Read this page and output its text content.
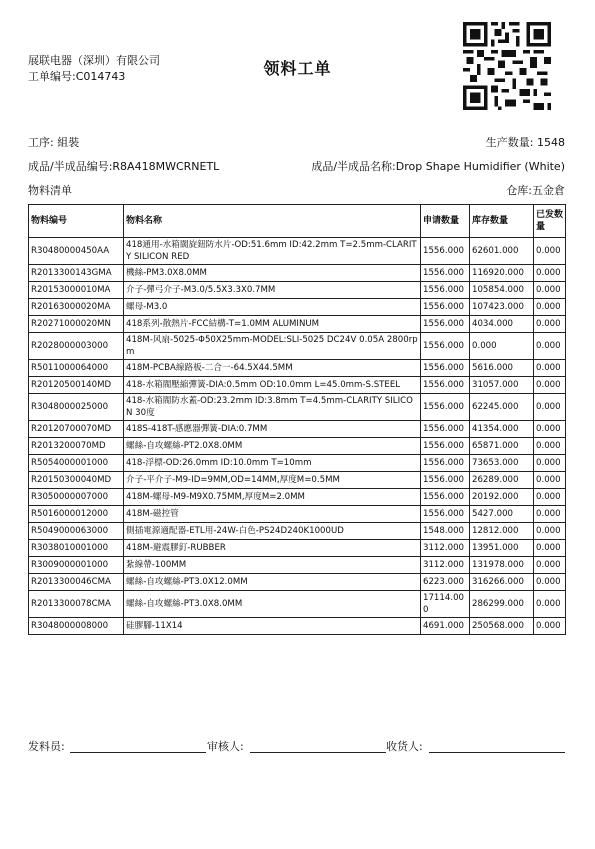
展联电器（深圳）有限公司
工单编号:C014743	领料工单
工序: 組裝	生产数量: 1548
成品/半成品编号:R8A418MWCRNETL	成品/半成品名称:Drop Shape Humidifier (White)
物料清单	仓库:五金倉
物料编号	物料名称	申请数量	库存数量	已发数量
R30480000450AA	418通用-水箱闊旋鈕防水片-OD:51.6mm ID:42.2mm T=2.5mm-CLARITY SILICON RED	1556.000	62601.000	0.000
R2013300143GMA	機絲-PM3.0X8.0MM	1556.000	116920.000	0.000
R20153000010MA	介子-彈弓介子-M3.0/5.5X3.3X0.7MM	1556.000	105854.000	0.000
R20163000020MA	螺母-M3.0	1556.000	107423.000	0.000
R20271000020MN	418系列-散熱片-FCC結構-T=1.0MM ALUMINUM	1556.000	4034.000	0.000
R2028000003000	418M-风扇-5025-Φ50X25mm-MODEL:SLI-5025 DC24V 0.05A 2800rpm	1556.000	0.000	0.000
R5011000064000	418M-PCBA線路板-二合一-64.5X44.5MM	1556.000	5616.000	0.000
R20120500140MD	418-水箱閥壓縮彈簧-DIA:0.5mm OD:10.0mm L=45.0mm-S.STEEL	1556.000	31057.000	0.000
R3048000025000	418-水箱閥防水蓋-OD:23.2mm ID:3.8mm T=4.5mm-CLARITY SILICON 30度	1556.000	62245.000	0.000
R20120700070MD	418S-418T-感應器彈簧-DIA:0.7MM	1556.000	41354.000	0.000
R2013200070MD	螺絲-自攻螺絲-PT2.0X8.0MM	1556.000	65871.000	0.000
R5054000001000	418-浮標-OD:26.0mm ID:10.0mm T=10mm	1556.000	73653.000	0.000
R20150300040MD	介子-平介子-M9-ID=9MM,OD=14MM,厚度M=0.5MM	1556.000	26289.000	0.000
R3050000007000	418M-螺母-M9-M9X0.75MM,厚度M=2.0MM	1556.000	20192.000	0.000
R5016000012000	418M-磁控管	1556.000	5427.000	0.000
R5049000063000	側插電源適配器-ETL用-24W-白色-PS24D240K1000UD	1548.000	12812.000	0.000
R3038010001000	418M-避震膠釘-RUBBER	3112.000	13951.000	0.000
R3009000001000	紮線帶-100MM	3112.000	131978.000	0.000
R2013300046CMA	螺絲-自攻螺絲-PT3.0X12.0MM	6223.000	316266.000	0.000
R2013300078CMA	螺絲-自攻螺絲-PT3.0X8.0MM	17114.000	286299.000	0.000
R3048000008000	硅膠腳-11X14	4691.000	250568.000	0.000
发料员:	审核人:	收货人:
